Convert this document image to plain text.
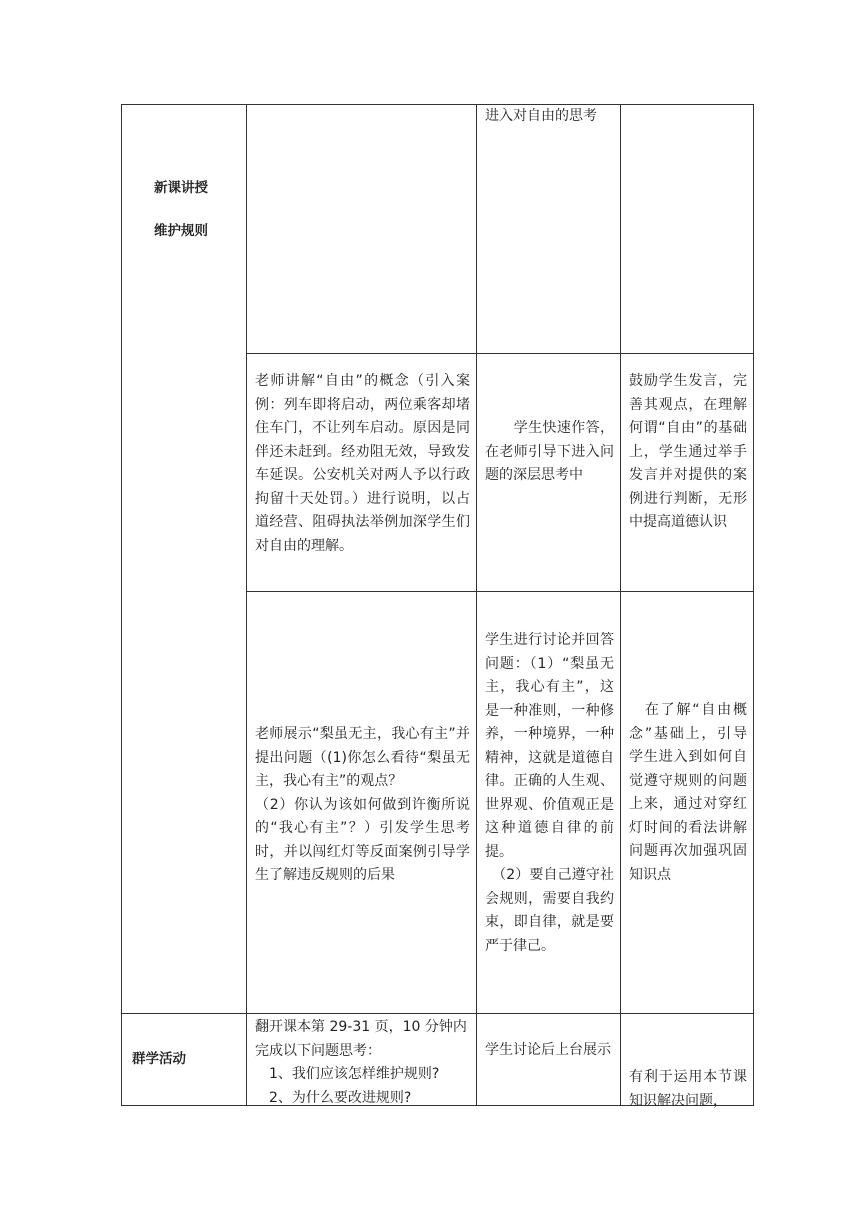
新课讲授
维护规则		进入对自由的思考	

	老师讲解“自由”的概念（引入案例：列车即将启动，两位乘客却堵住车门，不让列车启动。原因是同伴还未赶到。经劝阻无效，导致发车延误。公安机关对两人予以行政拘留十天处罚。）进行说明，以占道经营、阻碍执法举例加深学生们对自由的理解。	　　学生快速作答，在老师引导下进入问题的深层思考中	鼓励学生发言，完善其观点，在理解何谓“自由”的基础上，学生通过举手发言并对提供的案例进行判断，无形中提高道德认识

	老师展示“梨虽无主，我心有主”并提出问题（(1)你怎么看待“梨虽无主，我心有主”的观点？
（2）你认为该如何做到许衡所说的“我心有主”？）引发学生思考时，并以闯红灯等反面案例引导学生了解违反规则的后果	学生进行讨论并回答问题：（1）“梨虽无主，我心有主”，这是一种准则，一种修养，一种境界，一种精神，这就是道德自律。正确的人生观、世界观、价值观正是这种道德自律的前提。
　（2）要自己遵守社会规则，需要自我约束，即自律，就是要严于律己。	　在了解“自由概念”基础上，引导学生进入到如何自觉遵守规则的问题上来，通过对穿红灯时间的看法讲解问题再次加强巩固知识点

群学活动	翻开课本第 29-31 页，10 分钟内完成以下问题思考：
　1、我们应该怎样维护规则?
　2、为什么要改进规则?	学生讨论后上台展示	有利于运用本节课知识解决问题，
